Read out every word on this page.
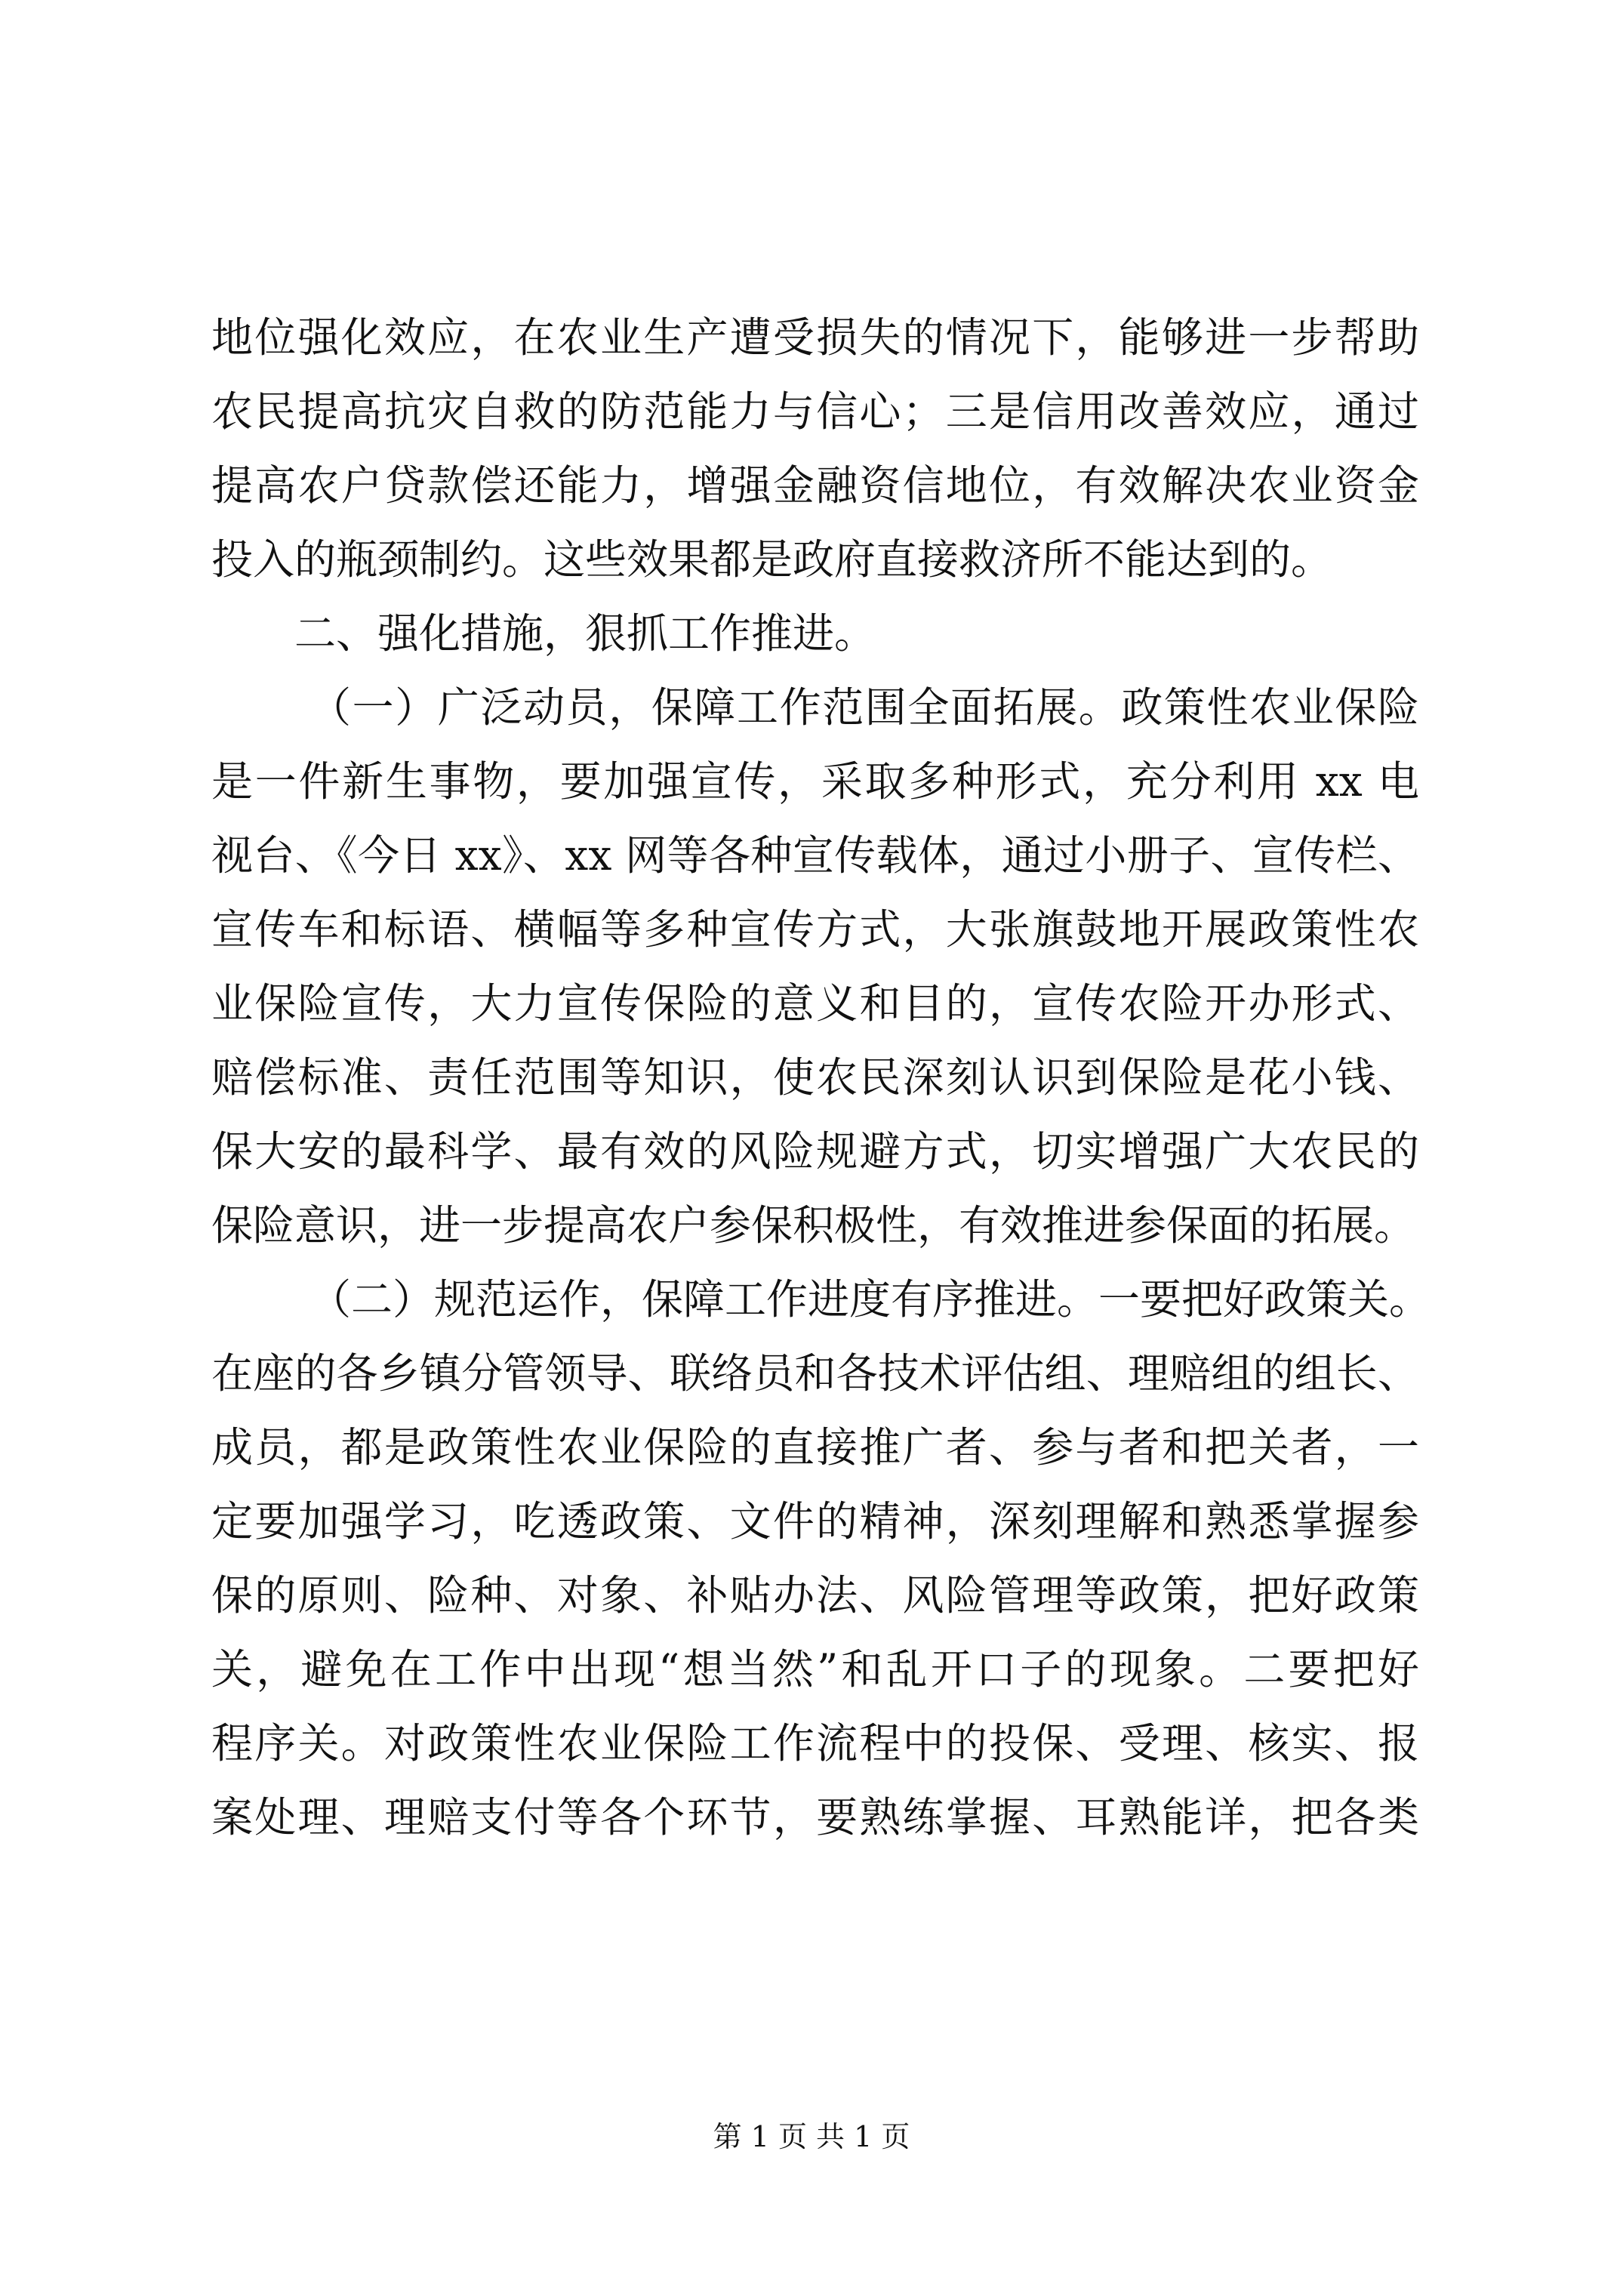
地位强化效应，在农业生产遭受损失的情况下，能够进一步帮助
农民提高抗灾自救的防范能力与信心；三是信用改善效应，通过
提高农户贷款偿还能力，增强金融资信地位，有效解决农业资金
投入的瓶颈制约。这些效果都是政府直接救济所不能达到的。
二、强化措施，狠抓工作推进。
（一）广泛动员，保障工作范围全面拓展。政策性农业保险
是一件新生事物，要加强宣传，采取多种形式，充分利用 xx 电
视台、《今日 xx》、xx 网等各种宣传载体，通过小册子、宣传栏、
宣传车和标语、横幅等多种宣传方式，大张旗鼓地开展政策性农
业保险宣传，大力宣传保险的意义和目的，宣传农险开办形式、
赔偿标准、责任范围等知识，使农民深刻认识到保险是花小钱、
保大安的最科学、最有效的风险规避方式，切实增强广大农民的
保险意识，进一步提高农户参保积极性，有效推进参保面的拓展。
（二）规范运作，保障工作进度有序推进。一要把好政策关。
在座的各乡镇分管领导、联络员和各技术评估组、理赔组的组长、
成员，都是政策性农业保险的直接推广者、参与者和把关者，一
定要加强学习，吃透政策、文件的精神，深刻理解和熟悉掌握参
保的原则、险种、对象、补贴办法、风险管理等政策，把好政策
关，避免在工作中出现“想当然”和乱开口子的现象。二要把好
程序关。对政策性农业保险工作流程中的投保、受理、核实、报
案处理、理赔支付等各个环节，要熟练掌握、耳熟能详，把各类
第 1 页 共 1 页
